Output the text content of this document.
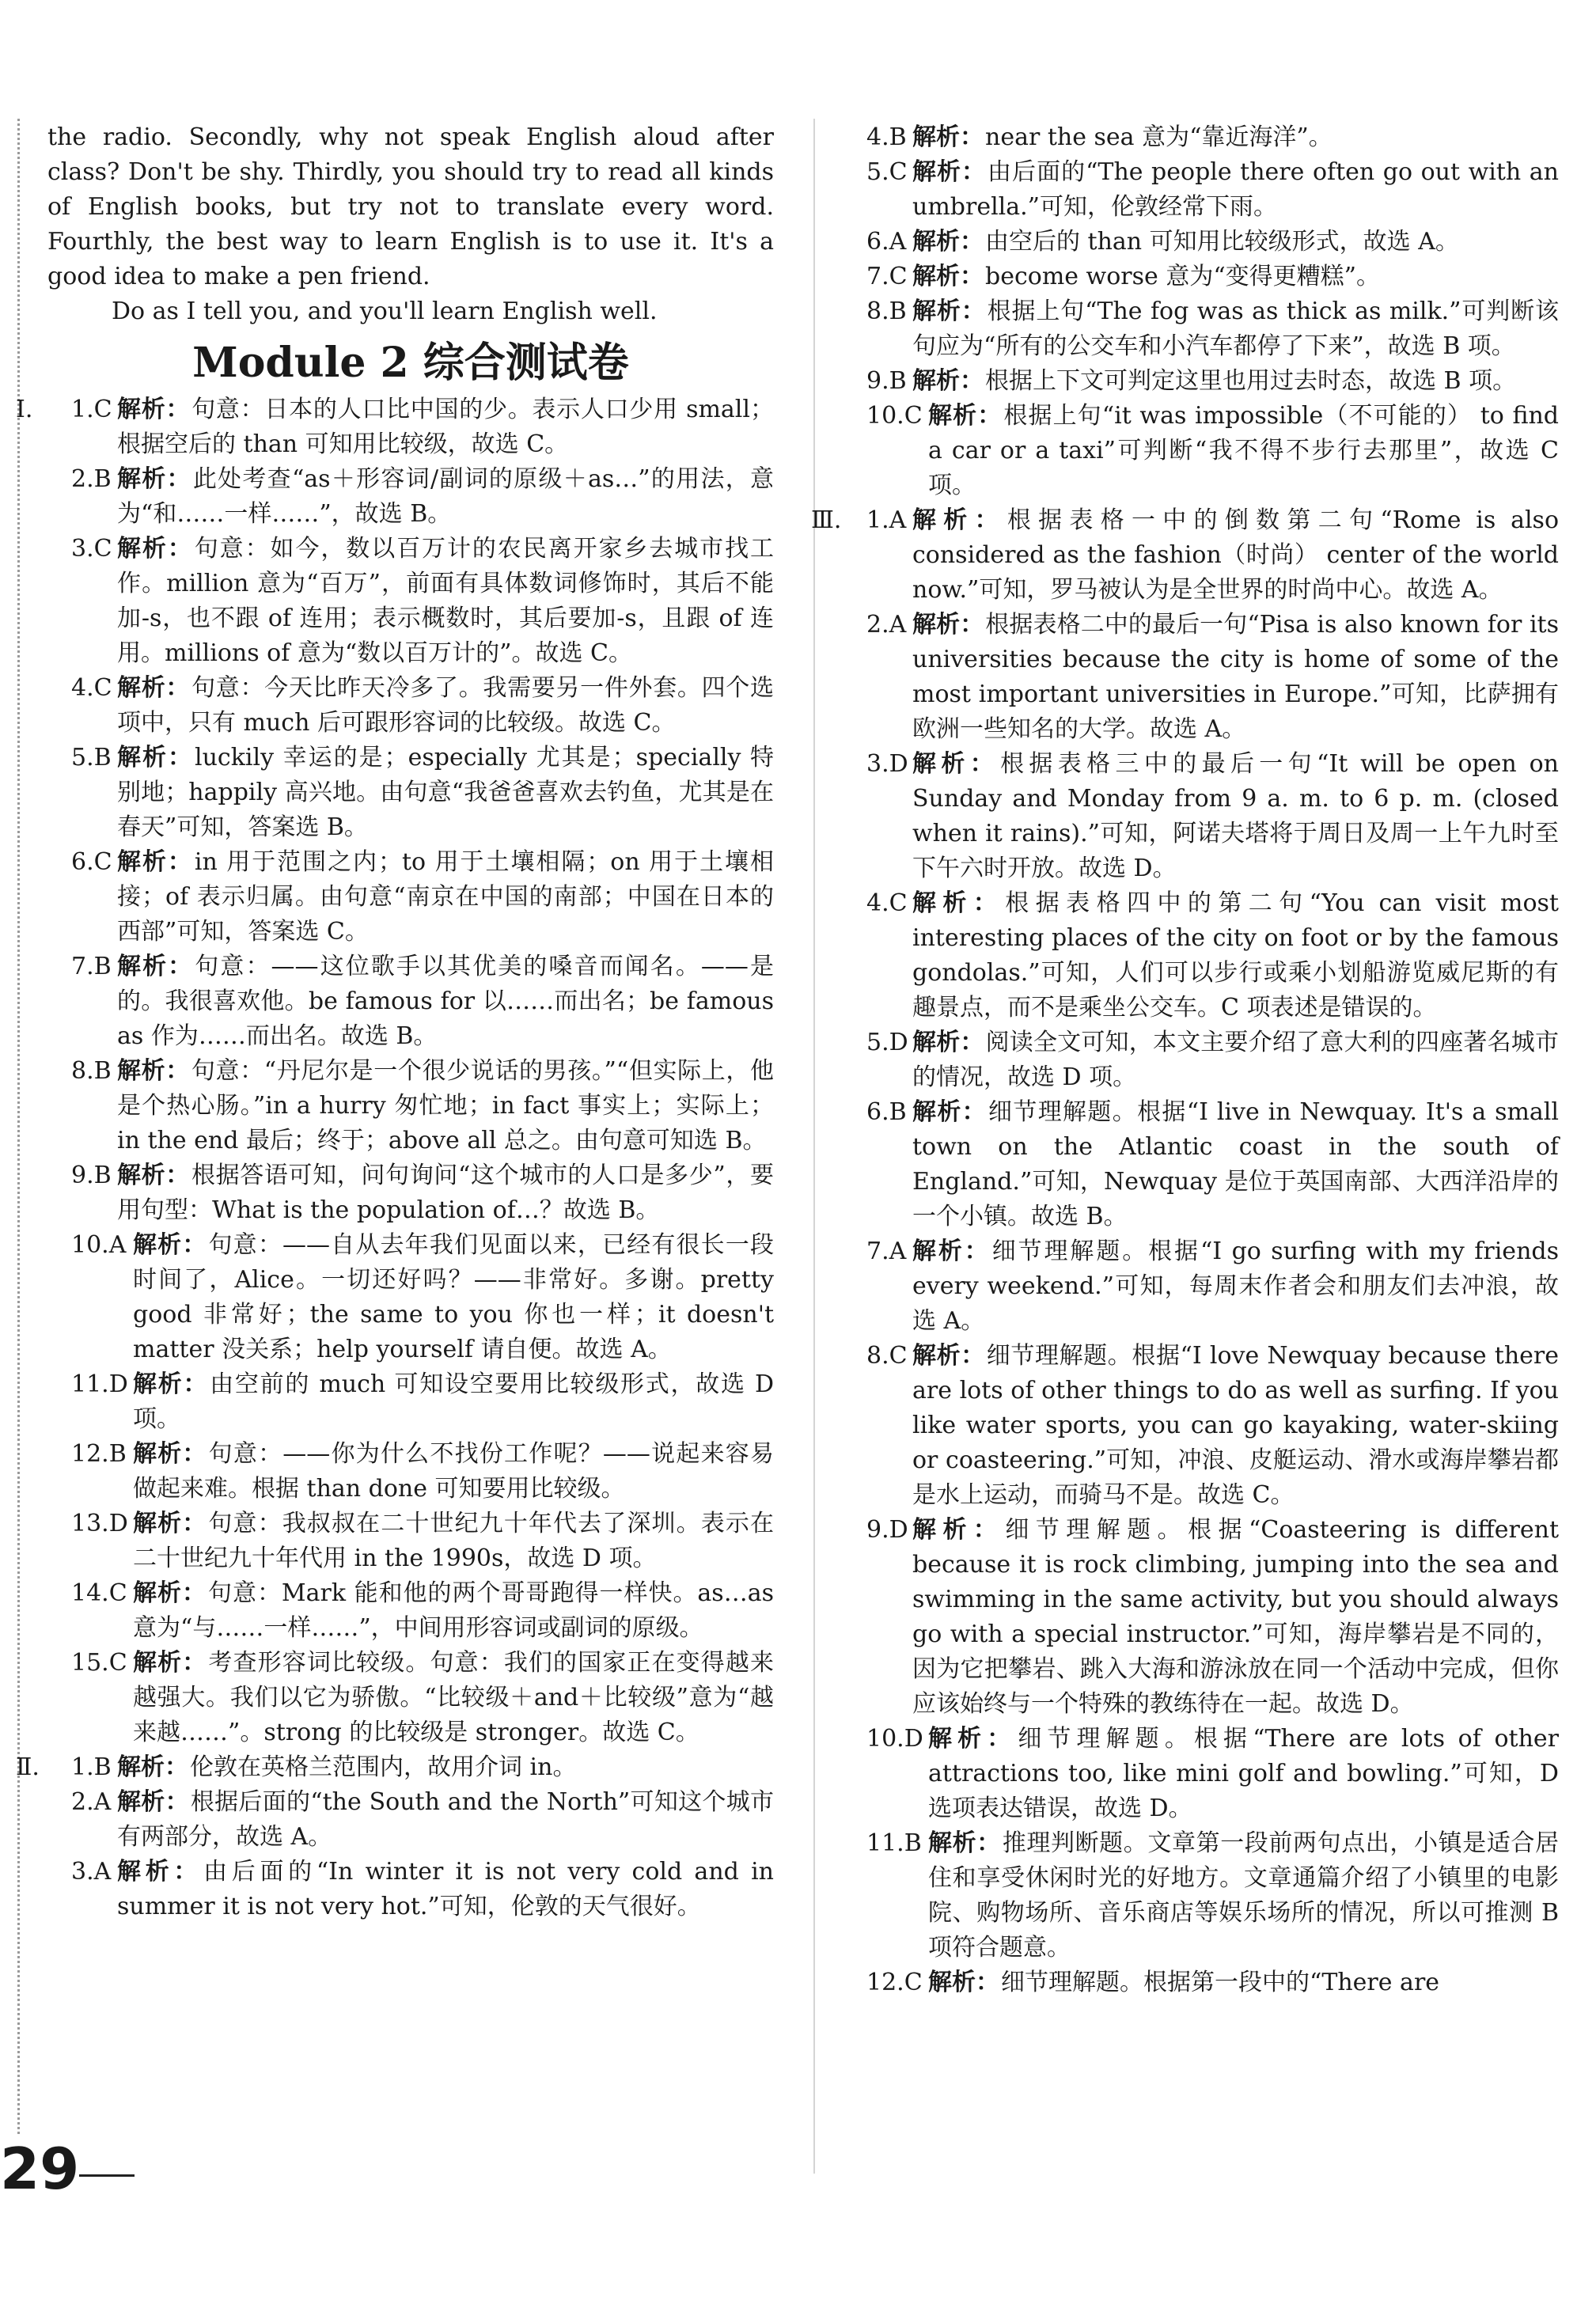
the radio. Secondly, why not speak English aloud after class? Don't be shy. Thirdly, you should try to read all kinds of English books, but try not to translate every word. Fourthly, the best way to learn English is to use it. It's a good idea to make a pen friend.
Do as I tell you, and you'll learn English well.
Module 2 综合测试卷
Ⅰ. 1.C 解析：句意：日本的人口比中国的少。表示人口少用 small；根据空后的 than 可知用比较级，故选 C。
2.B 解析：此处考查“as＋形容词/副词的原级＋as…”的用法，意为“和……一样……”，故选 B。
3.C 解析：句意：如今，数以百万计的农民离开家乡去城市找工作。million 意为“百万”，前面有具体数词修饰时，其后不能加-s，也不跟 of 连用；表示概数时，其后要加-s，且跟 of 连用。millions of 意为“数以百万计的”。故选 C。
4.C 解析：句意：今天比昨天冷多了。我需要另一件外套。四个选项中，只有 much 后可跟形容词的比较级。故选 C。
5.B 解析：luckily 幸运的是；especially 尤其是；specially 特别地；happily 高兴地。由句意“我爸爸喜欢去钓鱼，尤其是在春天”可知，答案选 B。
6.C 解析：in 用于范围之内；to 用于土壤相隔；on 用于土壤相接；of 表示归属。由句意“南京在中国的南部；中国在日本的西部”可知，答案选 C。
7.B 解析：句意：——这位歌手以其优美的嗓音而闻名。——是的。我很喜欢他。be famous for 以……而出名；be famous as 作为……而出名。故选 B。
8.B 解析：句意：“丹尼尔是一个很少说话的男孩。”“但实际上，他是个热心肠。”in a hurry 匆忙地；in fact 事实上；实际上；in the end 最后；终于；above all 总之。由句意可知选 B。
9.B 解析：根据答语可知，问句询问“这个城市的人口是多少”，要用句型：What is the population of…？故选 B。
10.A 解析：句意：——自从去年我们见面以来，已经有很长一段时间了，Alice。一切还好吗？——非常好。多谢。pretty good 非常好；the same to you 你也一样；it doesn't matter 没关系；help yourself 请自便。故选 A。
11.D 解析：由空前的 much 可知设空要用比较级形式，故选 D 项。
12.B 解析：句意：——你为什么不找份工作呢？——说起来容易做起来难。根据 than done 可知要用比较级。
13.D 解析：句意：我叔叔在二十世纪九十年代去了深圳。表示在二十世纪九十年代用 in the 1990s，故选 D 项。
14.C 解析：句意：Mark 能和他的两个哥哥跑得一样快。as…as 意为“与……一样……”，中间用形容词或副词的原级。
15.C 解析：考查形容词比较级。句意：我们的国家正在变得越来越强大。我们以它为骄傲。“比较级＋and＋比较级”意为“越来越……”。strong 的比较级是 stronger。故选 C。
Ⅱ. 1.B 解析：伦敦在英格兰范围内，故用介词 in。
2.A 解析：根据后面的“the South and the North”可知这个城市有两部分，故选 A。
3.A 解析：由后面的“In winter it is not very cold and in summer it is not very hot.”可知，伦敦的天气很好。
4.B 解析：near the sea 意为“靠近海洋”。
5.C 解析：由后面的“The people there often go out with an umbrella.”可知，伦敦经常下雨。
6.A 解析：由空后的 than 可知用比较级形式，故选 A。
7.C 解析：become worse 意为“变得更糟糕”。
8.B 解析：根据上句“The fog was as thick as milk.”可判断该句应为“所有的公交车和小汽车都停了下来”，故选 B 项。
9.B 解析：根据上下文可判定这里也用过去时态，故选 B 项。
10.C 解析：根据上句“it was impossible（不可能的） to find a car or a taxi”可判断“我不得不步行去那里”，故选 C 项。
Ⅲ. 1.A 解析：根据表格一中的倒数第二句“Rome is also considered as the fashion（时尚） center of the world now.”可知，罗马被认为是全世界的时尚中心。故选 A。
2.A 解析：根据表格二中的最后一句“Pisa is also known for its universities because the city is home of some of the most important universities in Europe.”可知，比萨拥有欧洲一些知名的大学。故选 A。
3.D 解析：根据表格三中的最后一句“It will be open on Sunday and Monday from 9 a. m. to 6 p. m. (closed when it rains).”可知，阿诺夫塔将于周日及周一上午九时至下午六时开放。故选 D。
4.C 解析：根据表格四中的第二句“You can visit most interesting places of the city on foot or by the famous gondolas.”可知，人们可以步行或乘小划船游览威尼斯的有趣景点，而不是乘坐公交车。C 项表述是错误的。
5.D 解析：阅读全文可知，本文主要介绍了意大利的四座著名城市的情况，故选 D 项。
6.B 解析：细节理解题。根据“I live in Newquay. It's a small town on the Atlantic coast in the south of England.”可知，Newquay 是位于英国南部、大西洋沿岸的一个小镇。故选 B。
7.A 解析：细节理解题。根据“I go surfing with my friends every weekend.”可知，每周末作者会和朋友们去冲浪，故选 A。
8.C 解析：细节理解题。根据“I love Newquay because there are lots of other things to do as well as surfing. If you like water sports, you can go kayaking, water-skiing or coasteering.”可知，冲浪、皮艇运动、滑水或海岸攀岩都是水上运动，而骑马不是。故选 C。
9.D 解析：细节理解题。根据“Coasteering is different because it is rock climbing, jumping into the sea and swimming in the same activity, but you should always go with a special instructor.”可知，海岸攀岩是不同的，因为它把攀岩、跳入大海和游泳放在同一个活动中完成，但你应该始终与一个特殊的教练待在一起。故选 D。
10.D 解析：细节理解题。根据“There are lots of other attractions too, like mini golf and bowling.”可知，D 选项表达错误，故选 D。
11.B 解析：推理判断题。文章第一段前两句点出，小镇是适合居住和享受休闲时光的好地方。文章通篇介绍了小镇里的电影院、购物场所、音乐商店等娱乐场所的情况，所以可推测 B 项符合题意。
12.C 解析：细节理解题。根据第一段中的“There are
29
